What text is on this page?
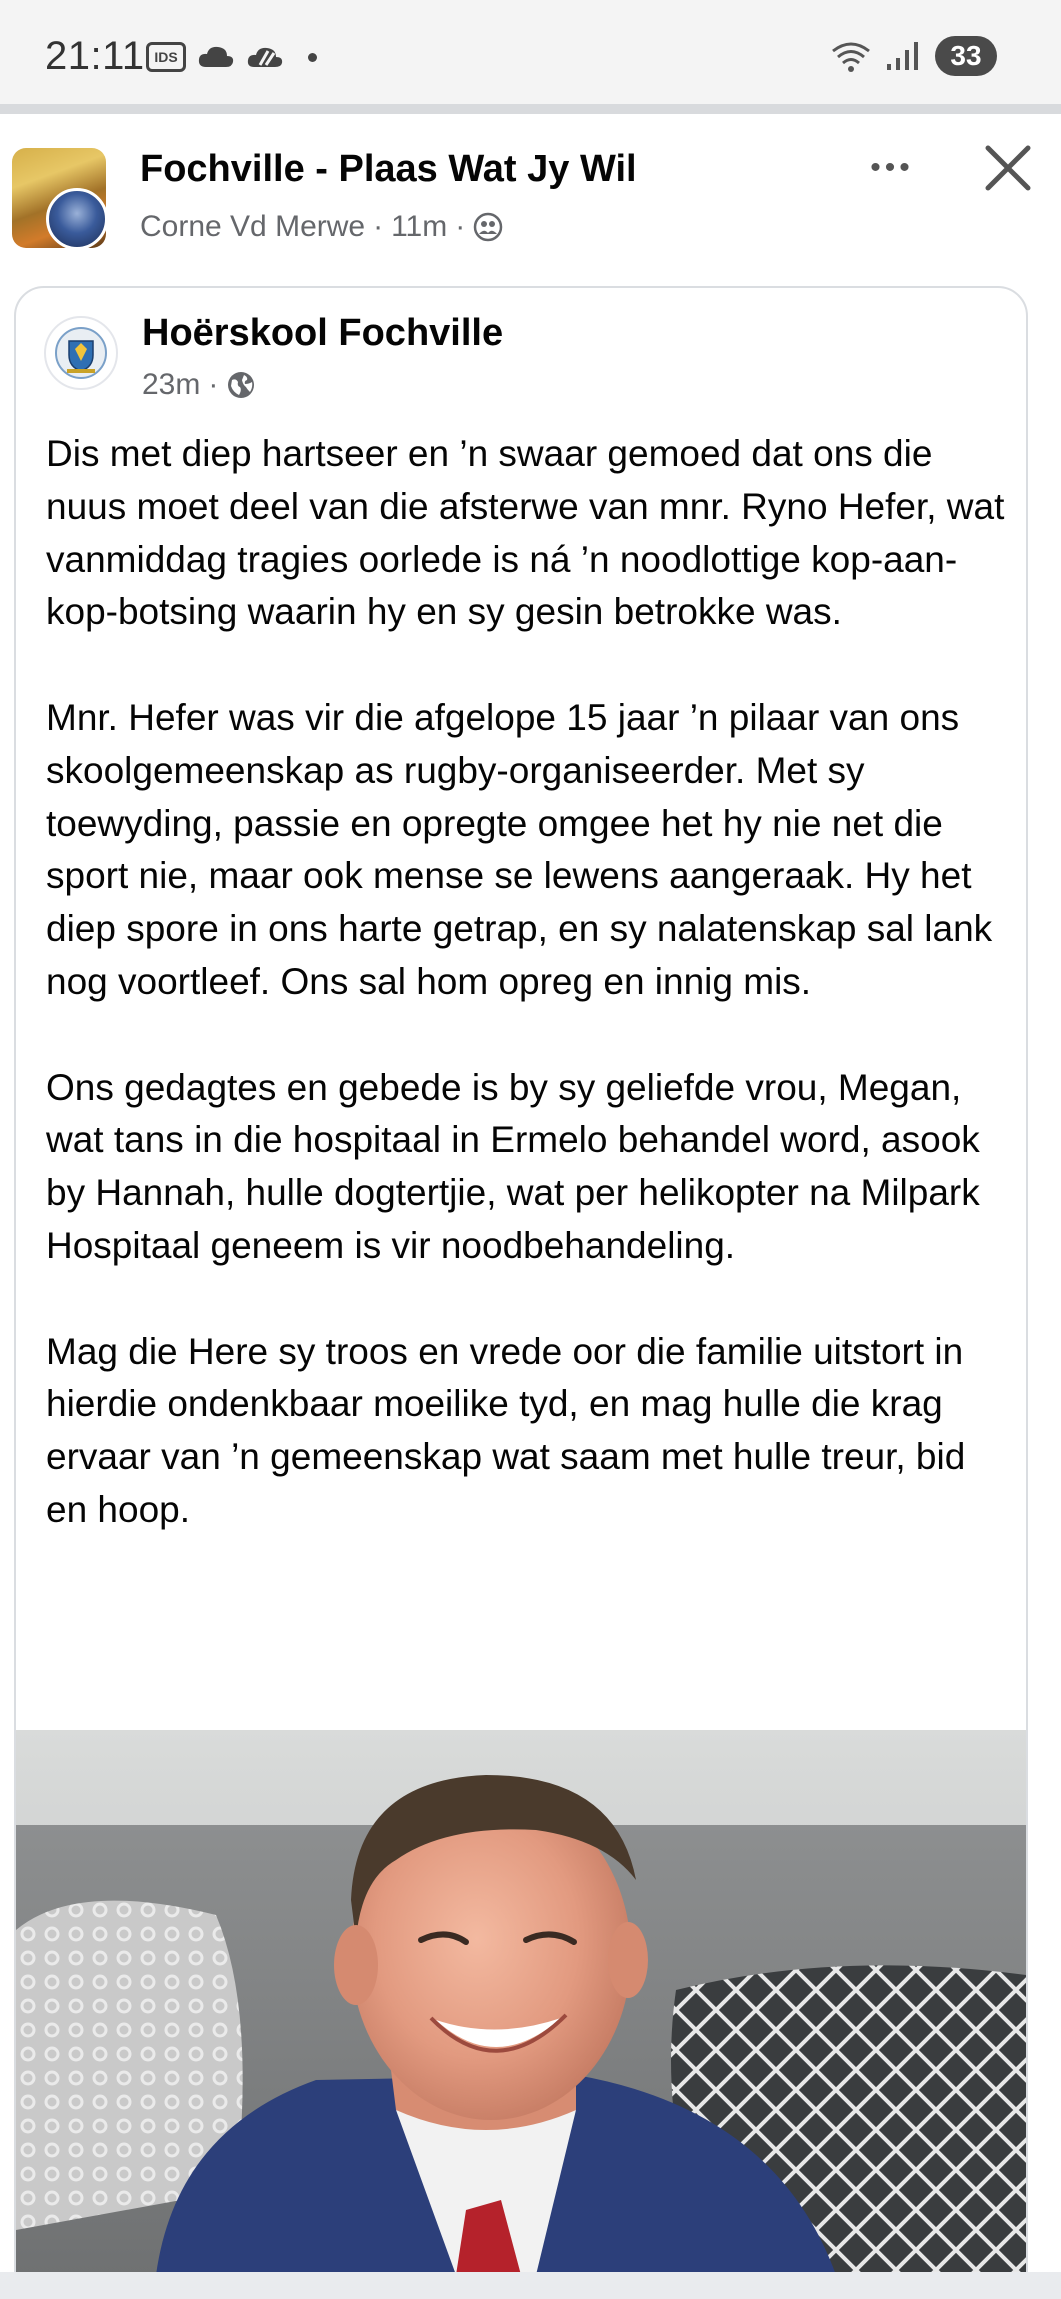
21:11 IDS	33
Fochville - Plaas Wat Jy Wil
Corne Vd Merwe · 11m ·
•••
Hoërskool Fochville
23m ·

Dis met diep hartseer en ’n swaar gemoed dat ons die nuus moet deel van die afsterwe van mnr. Ryno Hefer, wat vanmiddag tragies oorlede is ná ’n noodlottige kop-aan-kop-botsing waarin hy en sy gesin betrokke was.

Mnr. Hefer was vir die afgelope 15 jaar ’n pilaar van ons skoolgemeenskap as rugby-organiseerder. Met sy toewyding, passie en opregte omgee het hy nie net die sport nie, maar ook mense se lewens aangeraak. Hy het diep spore in ons harte getrap, en sy nalatenskap sal lank nog voortleef. Ons sal hom opreg en innig mis.

Ons gedagtes en gebede is by sy geliefde vrou, Megan, wat tans in die hospitaal in Ermelo behandel word, asook by Hannah, hulle dogtertjie, wat per helikopter na Milpark Hospitaal geneem is vir noodbehandeling.

Mag die Here sy troos en vrede oor die familie uitstort in hierdie ondenkbaar moeilike tyd, en mag hulle die krag ervaar van ’n gemeenskap wat saam met hulle treur, bid en hoop.
